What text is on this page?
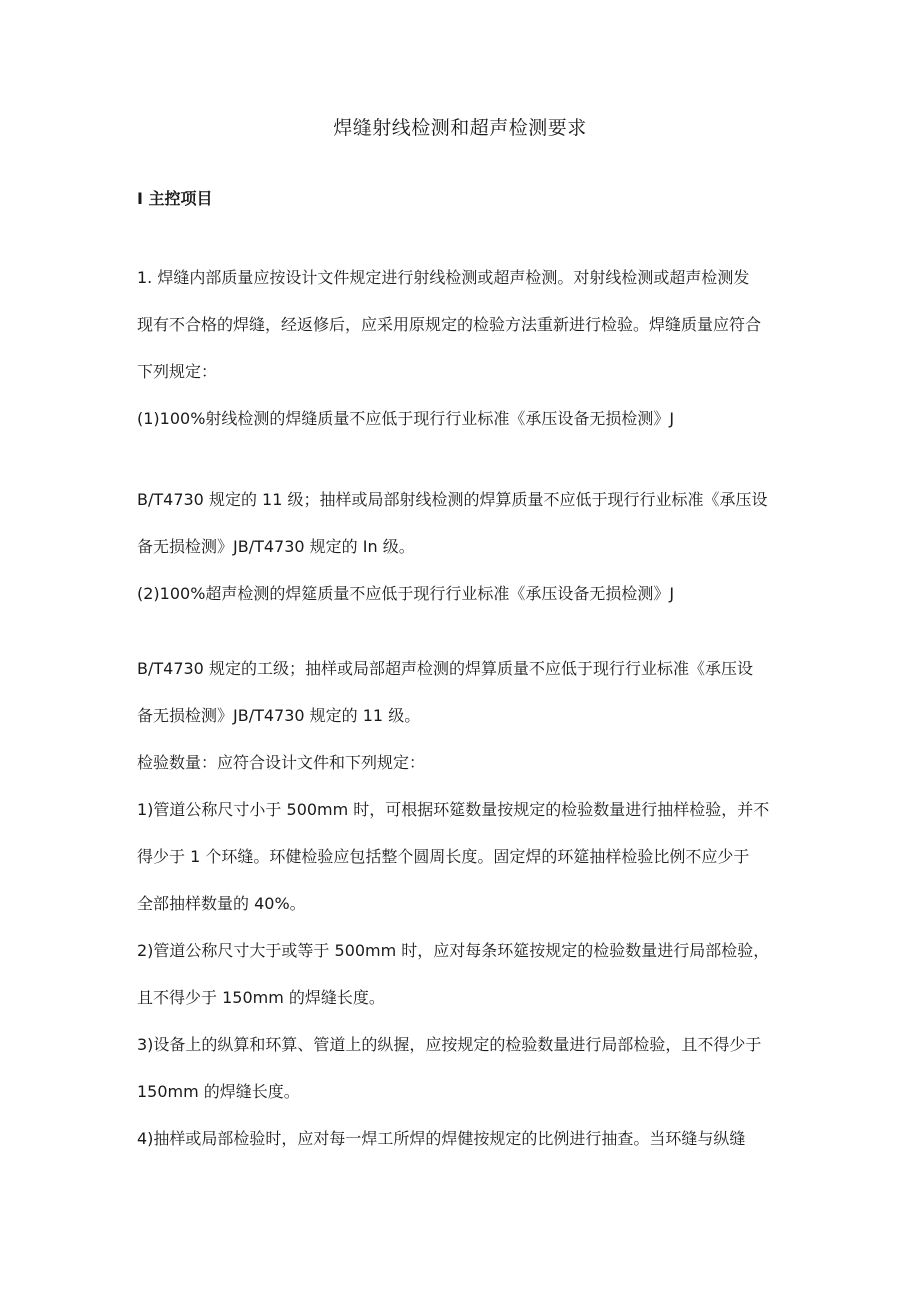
焊缝射线检测和超声检测要求
I 主控项目

1. 焊缝内部质量应按设计文件规定进行射线检测或超声检测。对射线检测或超声检测发

现有不合格的焊缝，经返修后，应采用原规定的检验方法重新进行检验。焊缝质量应符合

下列规定：

(1)100%射线检测的焊缝质量不应低于现行行业标准《承压设备无损检测》J

B/T4730 规定的 11 级；抽样或局部射线检测的焊算质量不应低于现行行业标准《承压设

备无损检测》JB/T4730 规定的 In 级。

(2)100%超声检测的焊筵质量不应低于现行行业标准《承压设备无损检测》J

B/T4730 规定的工级；抽样或局部超声检测的焊算质量不应低于现行行业标准《承压设

备无损检测》JB/T4730 规定的 11 级。

检验数量：应符合设计文件和下列规定：

1)管道公称尺寸小于 500mm 时，可根据环筵数量按规定的检验数量进行抽样检验，并不

得少于 1 个环缝。环健检验应包括整个圆周长度。固定焊的环筵抽样检验比例不应少于

全部抽样数量的 40%。

2)管道公称尺寸大于或等于 500mm 时，应对每条环筵按规定的检验数量进行局部检验，

且不得少于 150mm 的焊缝长度。

3)设备上的纵算和环算、管道上的纵握，应按规定的检验数量进行局部检验，且不得少于

150mm 的焊缝长度。

4)抽样或局部检验时，应对每一焊工所焊的焊健按规定的比例进行抽查。当环缝与纵缝
